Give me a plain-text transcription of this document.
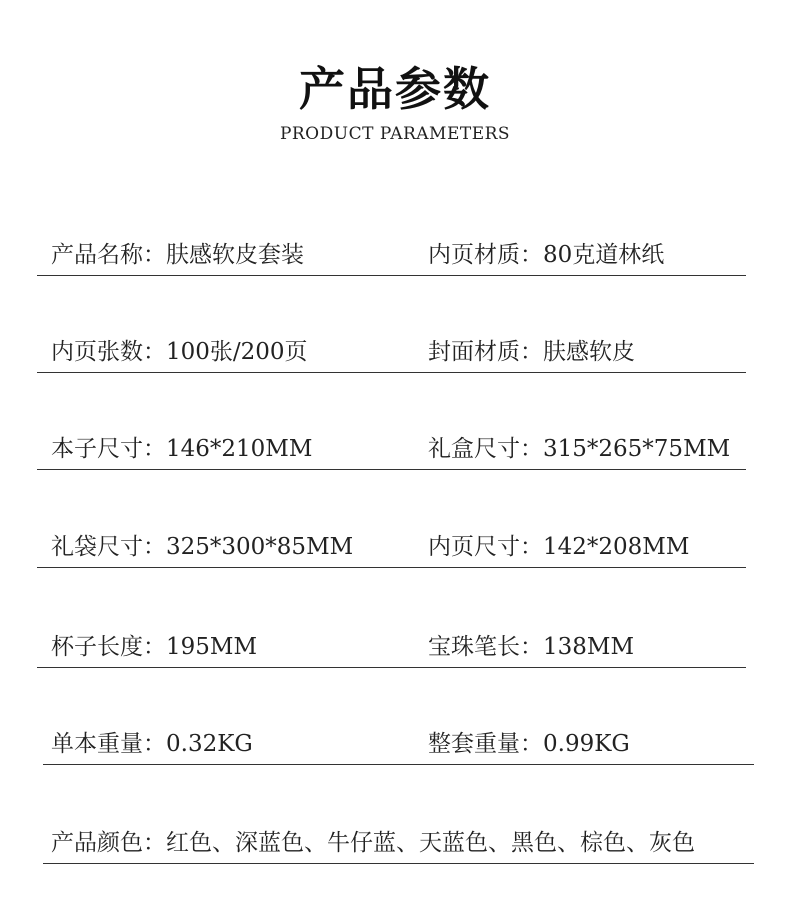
产品参数
PRODUCT PARAMETERS
产品名称：肤感软皮套装	内页材质：80克道林纸
内页张数：100张/200页	封面材质：肤感软皮
本子尺寸：146*210MM	礼盒尺寸：315*265*75MM
礼袋尺寸：325*300*85MM	内页尺寸：142*208MM
杯子长度：195MM	宝珠笔长：138MM
单本重量：0.32KG	整套重量：0.99KG
产品颜色：红色、深蓝色、牛仔蓝、天蓝色、黑色、棕色、灰色
